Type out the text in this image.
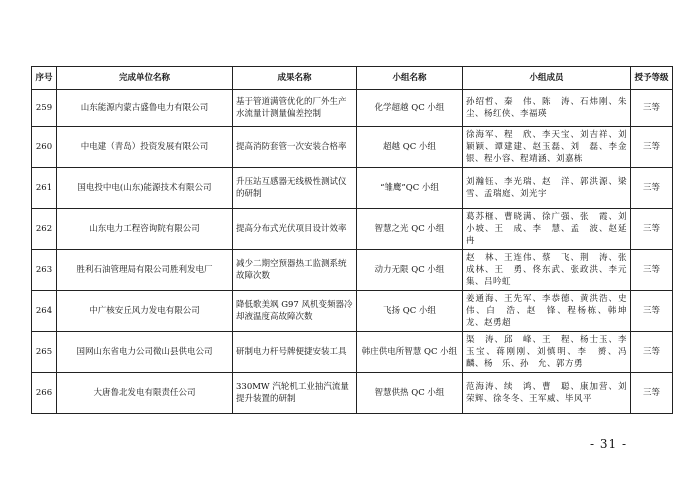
序号	完成单位名称	成果名称	小组名称	小组成员	授予等级
259	山东能源内蒙古盛鲁电力有限公司	基于管道满管优化的厂外生产水流量计测量偏差控制	化学超越 QC 小组	孙绍哲、秦　伟、陈　涛、石炜刚、朱　尘、杨红侠、李福瑛	三等
260	中电建（青岛）投资发展有限公司	提高消防套管一次安装合格率	超越 QC 小组	徐海军、程　欣、李天宝、刘吉祥、刘颖颖、谭建建、赵玉磊、刘　磊、李金银、程小容、程靖涵、刘嘉栋	三等
261	国电投中电(山东)能源技术有限公司	升压站互感器无线极性测试仪的研制	“雏鹰”QC 小组	刘瀚钰、李光瑞、赵　洋、郭洪源、梁　雪、孟瑞庭、刘光宇	三等
262	山东电力工程咨询院有限公司	提高分布式光伏项目设计效率	智慧之光 QC 小组	葛苏榧、曹晓满、徐广强、张　霞、刘小坡、王　成、李　慧、孟　波、赵延冉	三等
263	胜利石油管理局有限公司胜利发电厂	减少二期空预器热工监测系统故障次数	动力无限 QC 小组	赵　林、王连伟、蔡　飞、荆　涛、张成林、王　勇、佟东武、张政洪、李元集、吕吟虹	三等
264	中广核安丘风力发电有限公司	降低歌美飒 G97 风机变频器冷却液温度高故障次数	飞扬 QC 小组	姜通海、王先军、李恭德、黄洪浩、史　伟、白　浩、赵　锋、程杨栋、韩坤龙、赵勇超	三等
265	国网山东省电力公司微山县供电公司	研制电力杆号牌便捷安装工具	韩庄供电所智慧 QC 小组	渠　涛、邱　峰、王　程、杨士玉、李玉宝、蒋刚刚、刘慎明、李　赟、冯　麟、杨　乐、孙　允、郭方勇	三等
266	大唐鲁北发电有限责任公司	330MW 汽轮机工业抽汽流量提升装置的研制	智慧供热 QC 小组	范海涛、续　鸿、曹　聪、康加营、刘荣辉、徐冬冬、王军威、毕风平	三等
- 31 -
